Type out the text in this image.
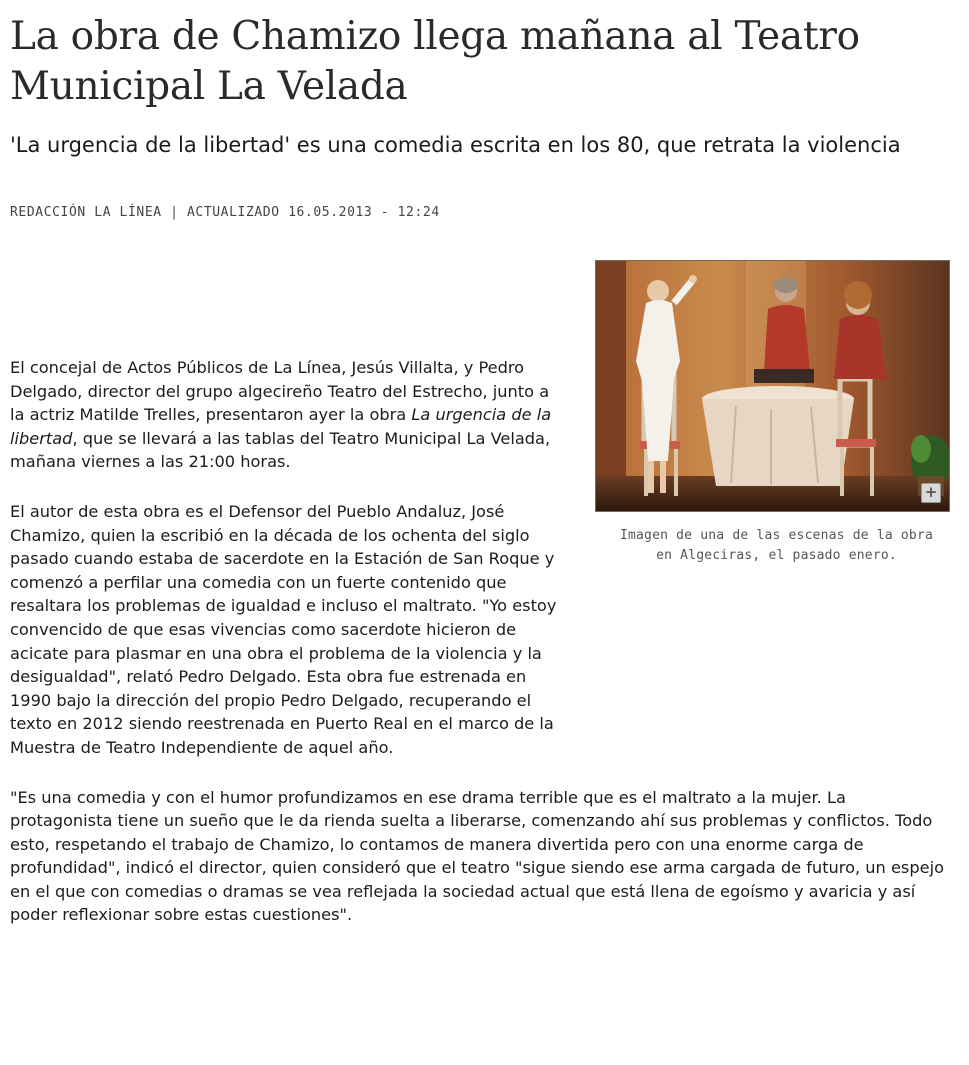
La obra de Chamizo llega mañana al Teatro Municipal La Velada

'La urgencia de la libertad' es una comedia escrita en los 80, que retrata la violencia

REDACCIÓN LA LÍNEA | ACTUALIZADO 16.05.2013 - 12:24
+
Imagen de una de las escenas de la obra en Algeciras, el pasado enero.

El concejal de Actos Públicos de La Línea, Jesús Villalta, y Pedro Delgado, director del grupo algecireño Teatro del Estrecho, junto a la actriz Matilde Trelles, presentaron ayer la obra La urgencia de la libertad, que se llevará a las tablas del Teatro Municipal La Velada, mañana viernes a las 21:00 horas.

El autor de esta obra es el Defensor del Pueblo Andaluz, José Chamizo, quien la escribió en la década de los ochenta del siglo pasado cuando estaba de sacerdote en la Estación de San Roque y comenzó a perfilar una comedia con un fuerte contenido que resaltara los problemas de igualdad e incluso el maltrato. "Yo estoy convencido de que esas vivencias como sacerdote hicieron de acicate para plasmar en una obra el problema de la violencia y la desigualdad", relató Pedro Delgado. Esta obra fue estrenada en 1990 bajo la dirección del propio Pedro Delgado, recuperando el texto en 2012 siendo reestrenada en Puerto Real en el marco de la Muestra de Teatro Independiente de aquel año.

"Es una comedia y con el humor profundizamos en ese drama terrible que es el maltrato a la mujer. La protagonista tiene un sueño que le da rienda suelta a liberarse, comenzando ahí sus problemas y conflictos. Todo esto, respetando el trabajo de Chamizo, lo contamos de manera divertida pero con una enorme carga de profundidad", indicó el director, quien consideró que el teatro "sigue siendo ese arma cargada de futuro, un espejo en el que con comedias o dramas se vea reflejada la sociedad actual que está llena de egoísmo y avaricia y así poder reflexionar sobre estas cuestiones".
